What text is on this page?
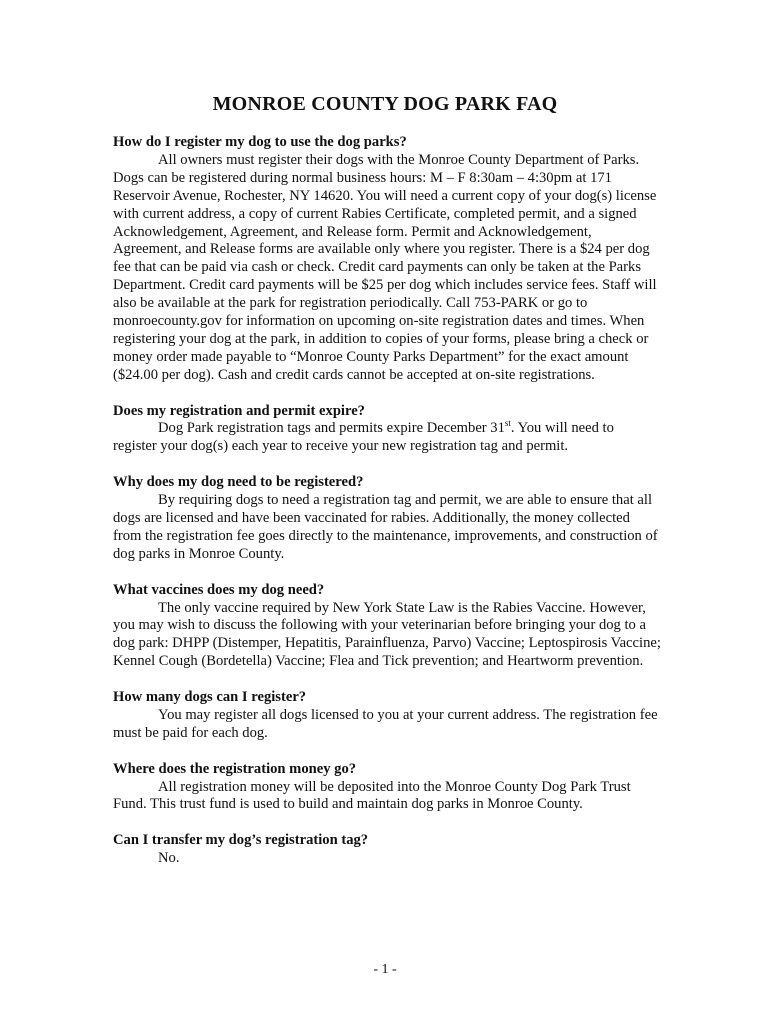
MONROE COUNTY DOG PARK FAQ

How do I register my dog to use the dog parks?

All owners must register their dogs with the Monroe County Department of Parks. Dogs can be registered during normal business hours: M – F 8:30am – 4:30pm at 171 Reservoir Avenue, Rochester, NY 14620. You will need a current copy of your dog(s) license with current address, a copy of current Rabies Certificate, completed permit, and a signed Acknowledgement, Agreement, and Release form. Permit and Acknowledgement, Agreement, and Release forms are available only where you register. There is a $24 per dog fee that can be paid via cash or check. Credit card payments can only be taken at the Parks Department. Credit card payments will be $25 per dog which includes service fees. Staff will also be available at the park for registration periodically. Call 753-PARK or go to monroecounty.gov for information on upcoming on-site registration dates and times. When registering your dog at the park, in addition to copies of your forms, please bring a check or money order made payable to “Monroe County Parks Department” for the exact amount ($24.00 per dog). Cash and credit cards cannot be accepted at on-site registrations.

Does my registration and permit expire?

Dog Park registration tags and permits expire December 31st. You will need to register your dog(s) each year to receive your new registration tag and permit.

Why does my dog need to be registered?

By requiring dogs to need a registration tag and permit, we are able to ensure that all dogs are licensed and have been vaccinated for rabies. Additionally, the money collected from the registration fee goes directly to the maintenance, improvements, and construction of dog parks in Monroe County.

What vaccines does my dog need?

The only vaccine required by New York State Law is the Rabies Vaccine. However, you may wish to discuss the following with your veterinarian before bringing your dog to a dog park: DHPP (Distemper, Hepatitis, Parainfluenza, Parvo) Vaccine; Leptospirosis Vaccine; Kennel Cough (Bordetella) Vaccine; Flea and Tick prevention; and Heartworm prevention.

How many dogs can I register?

You may register all dogs licensed to you at your current address. The registration fee must be paid for each dog.

Where does the registration money go?

All registration money will be deposited into the Monroe County Dog Park Trust Fund. This trust fund is used to build and maintain dog parks in Monroe County.

Can I transfer my dog’s registration tag?

No.

- 1 -
